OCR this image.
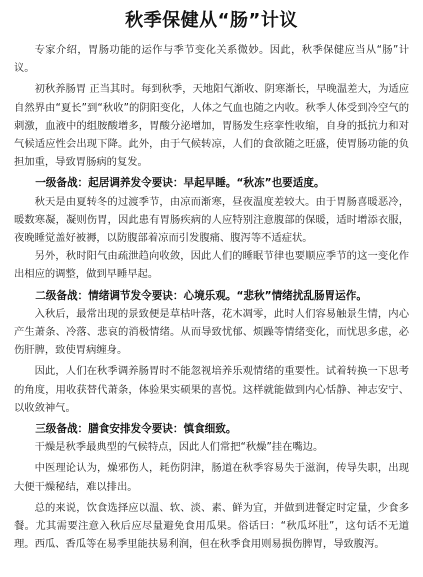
秋季保健从“肠”计议

专家介绍，胃肠功能的运作与季节变化关系微妙。因此，秋季保健应当从“肠”计议。

初秋养肠胃 正当其时。每到秋季，天地阳气渐收、阴寒渐长，早晚温差大，为适应自然界由“夏长”到“秋收”的阴阳变化，人体之气血也随之内收。秋季人体受到冷空气的刺激，血液中的组胺酸增多，胃酸分泌增加，胃肠发生痉挛性收缩，自身的抵抗力和对气候适应性会出现下降。此外，由于气候转凉，人们的食欲随之旺盛，使胃肠功能的负担加重，导致胃肠病的复发。

一级备战：起居调养发令要诀：早起早睡。“秋冻”也要适度。

秋天是由夏转冬的过渡季节，由凉而渐寒，昼夜温度差较大。由于胃肠喜暖恶冷，暖数寒凝，凝则伤胃，因此患有胃肠疾病的人应特别注意腹部的保暖，适时增添衣服，夜晚睡觉盖好被褥，以防腹部着凉而引发腹痛、腹泻等不适症状。

另外，秋时阳气由疏泄趋向收敛，因此人们的睡眠节律也要顺应季节的这一变化作出相应的调整，做到早睡早起。

二级备战：情绪调节发令要诀：心境乐观。“悲秋”情绪扰乱肠胃运作。

入秋后，最常出现的景致便是草枯叶落，花木凋零，此时人们容易触景生情，内心产生萧条、冷落、悲哀的消极情绪。从而导致忧郁、烦躁等情绪变化，而忧思多虑，必伤肝脾，致使胃病缠身。

因此，人们在秋季调养肠胃时不能忽视培养乐观情绪的重要性。试着转换一下思考的角度，用收获替代萧条，体验果实硕果的喜悦。这样就能做到内心恬静、神志安宁、以收敛神气。

三级备战：膳食安排发令要诀：慎食细致。

干燥是秋季最典型的气候特点，因此人们常把“秋燥”挂在嘴边。

中医理论认为，燥邪伤人，耗伤阴津，肠道在秋季容易失于滋润，传导失职，出现大便干燥秘结，难以排出。

总的来说，饮食选择应以温、软、淡、素、鲜为宜，并做到进餐定时定量，少食多餐。尤其需要注意入秋后应尽量避免食用瓜果。俗话曰：“秋瓜坏肚”，这句话不无道理。西瓜、香瓜等在易季里能扶易利润，但在秋季食用则易损伤脾胃，导致腹泻。
